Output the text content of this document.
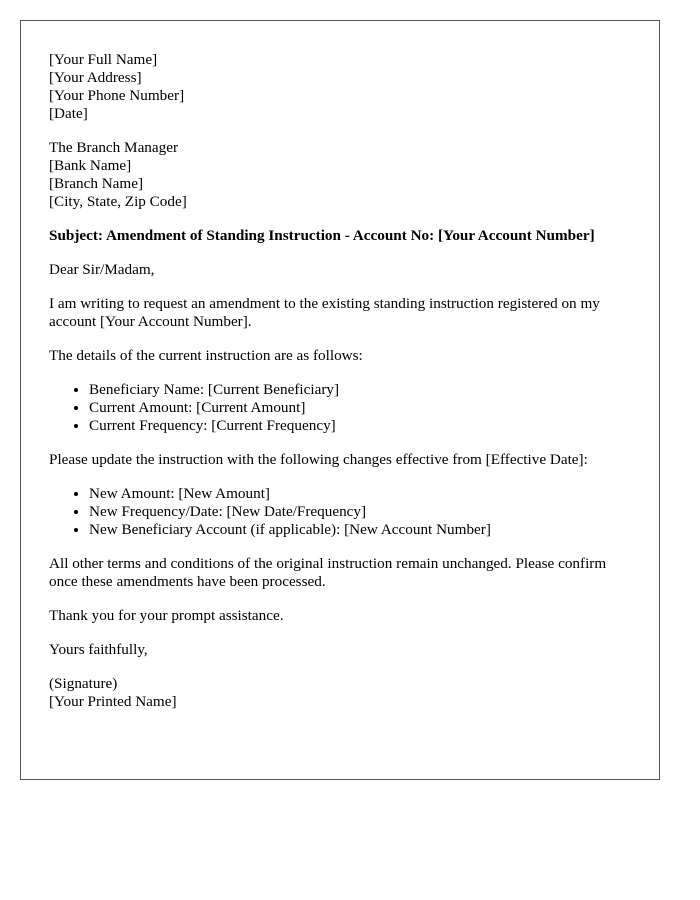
[Your Full Name]
[Your Address]
[Your Phone Number]
[Date]
The Branch Manager
[Bank Name]
[Branch Name]
[City, State, Zip Code]

Subject: Amendment of Standing Instruction - Account No: [Your Account Number]

Dear Sir/Madam,

I am writing to request an amendment to the existing standing instruction registered on my account [Your Account Number].

The details of the current instruction are as follows:

• Beneficiary Name: [Current Beneficiary]
• Current Amount: [Current Amount]
• Current Frequency: [Current Frequency]

Please update the instruction with the following changes effective from [Effective Date]:

• New Amount: [New Amount]
• New Frequency/Date: [New Date/Frequency]
• New Beneficiary Account (if applicable): [New Account Number]

All other terms and conditions of the original instruction remain unchanged. Please confirm once these amendments have been processed.

Thank you for your prompt assistance.

Yours faithfully,

(Signature)
[Your Printed Name]
